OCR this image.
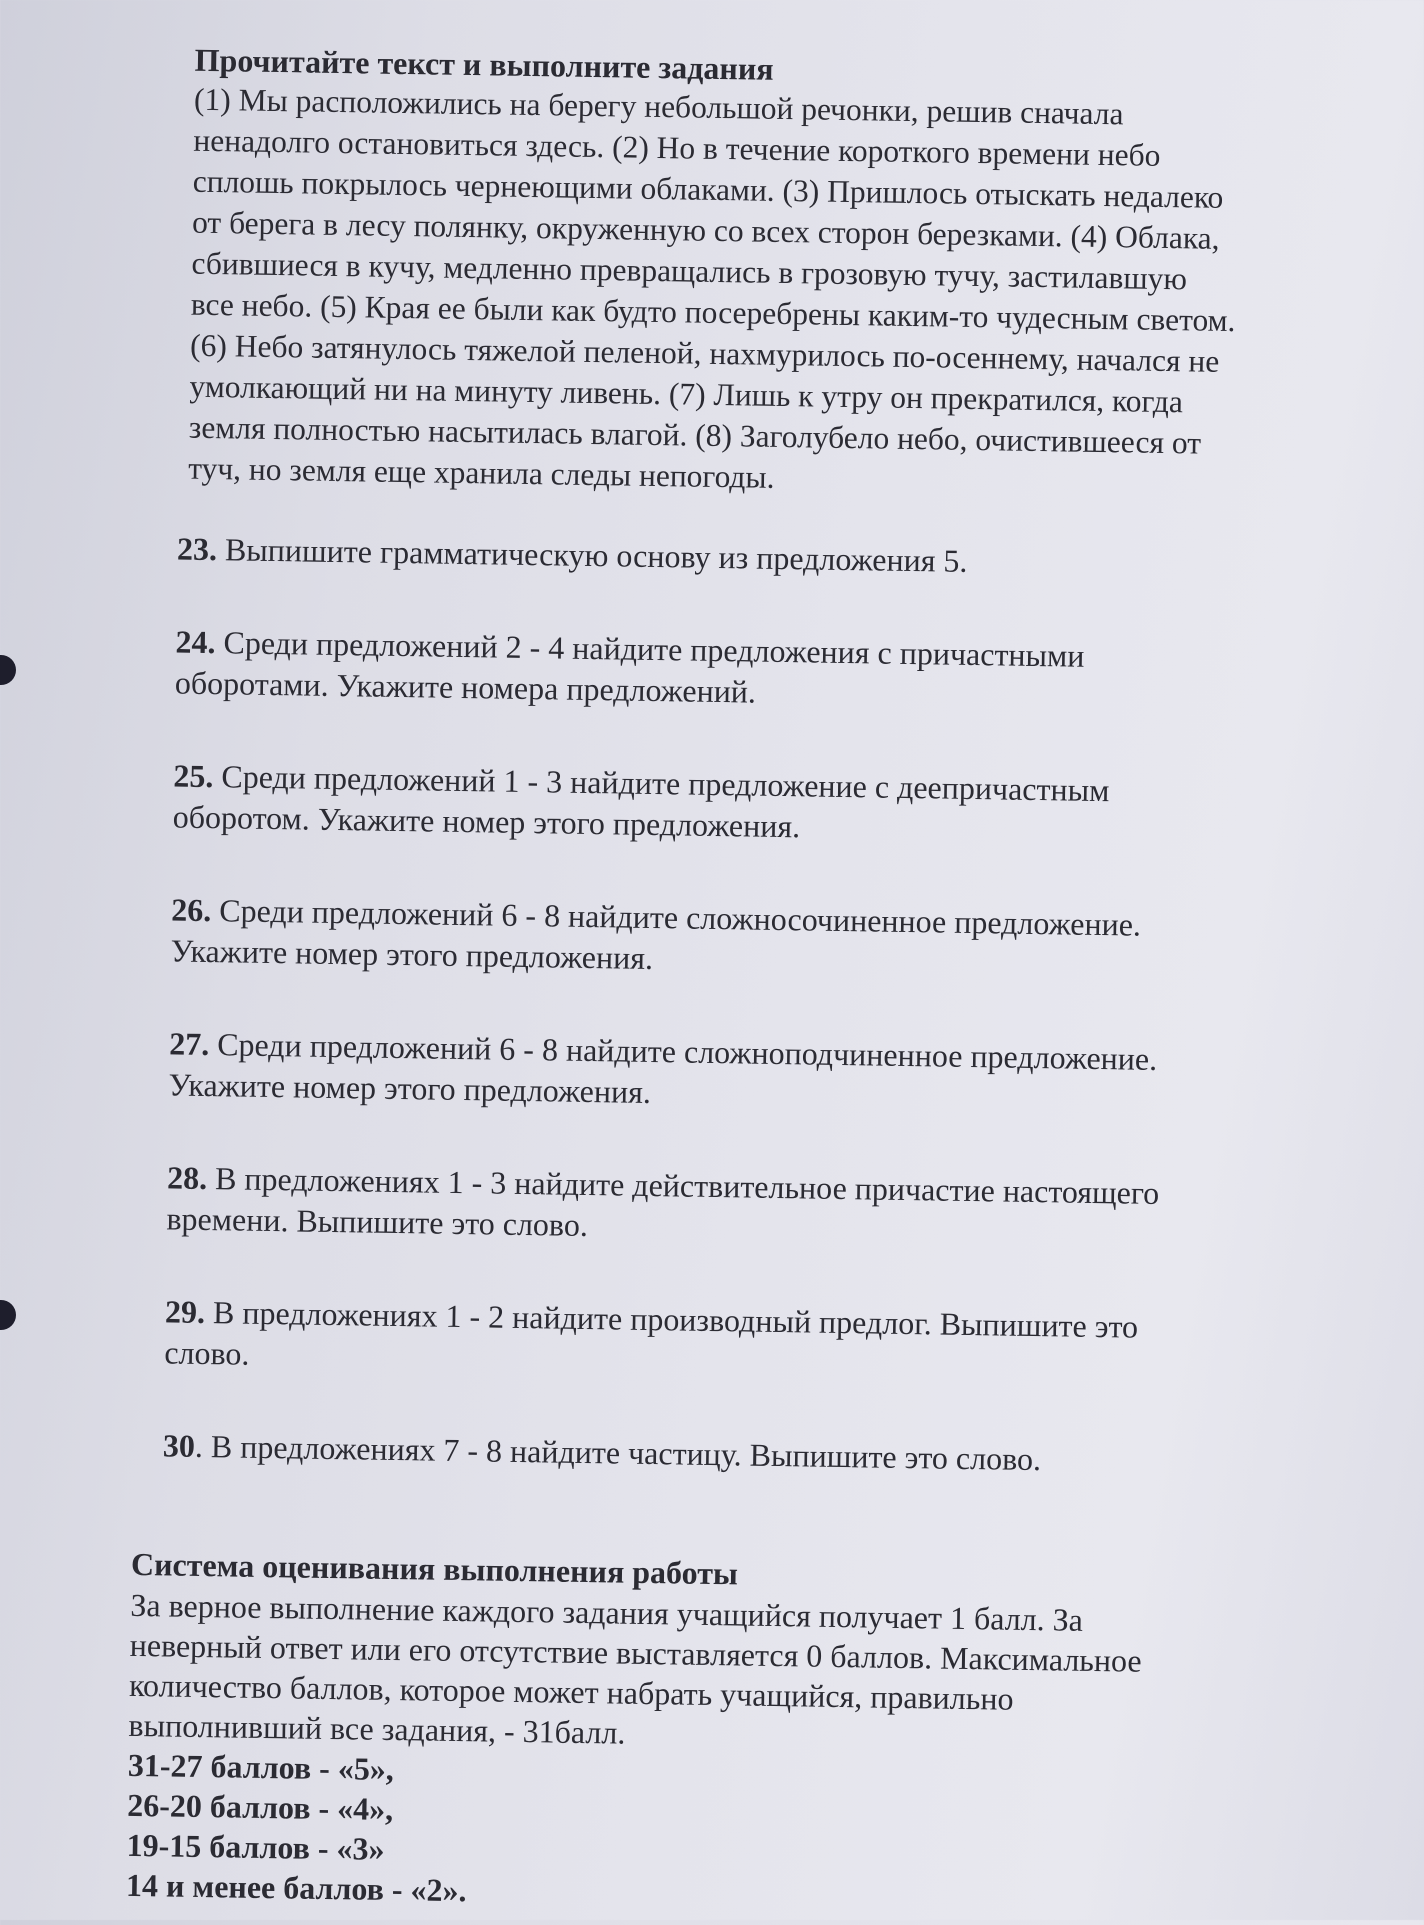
Прочитайте текст и выполните задания

(1) Мы расположились на берегу небольшой речонки, решив сначала

ненадолго остановиться здесь. (2) Но в течение короткого времени небо

сплошь покрылось чернеющими облаками. (3) Пришлось отыскать недалеко

от берега в лесу полянку, окруженную со всех сторон березками. (4) Облака,

сбившиеся в кучу, медленно превращались в грозовую тучу, застилавшую

все небо. (5) Края ее были как будто посеребрены каким-то чудесным светом.

(6) Небо затянулось тяжелой пеленой, нахмурилось по-осеннему, начался не

умолкающий ни на минуту ливень. (7) Лишь к утру он прекратился, когда

земля полностью насытилась влагой. (8) Заголубело небо, очистившееся от

туч, но земля еще хранила следы непогоды.

23. Выпишите грамматическую основу из предложения 5.

24. Среди предложений 2 - 4 найдите предложения с причастными

оборотами. Укажите номера предложений.

25. Среди предложений 1 - 3 найдите предложение с деепричастным

оборотом. Укажите номер этого предложения.

26. Среди предложений 6 - 8 найдите сложносочиненное предложение.

Укажите номер этого предложения.

27. Среди предложений 6 - 8 найдите сложноподчиненное предложение.

Укажите номер этого предложения.

28. В предложениях 1 - 3 найдите действительное причастие настоящего

времени. Выпишите это слово.

29. В предложениях 1 - 2 найдите производный предлог. Выпишите это

слово.

30. В предложениях 7 - 8 найдите частицу. Выпишите это слово.

Система оценивания выполнения работы

За верное выполнение каждого задания учащийся получает 1 балл. За

неверный ответ или его отсутствие выставляется 0 баллов. Максимальное

количество баллов, которое может набрать учащийся, правильно

выполнивший все задания, - 31балл.

31-27 баллов - «5»,

26-20 баллов - «4»,

19-15 баллов - «3»

14 и менее баллов - «2».
